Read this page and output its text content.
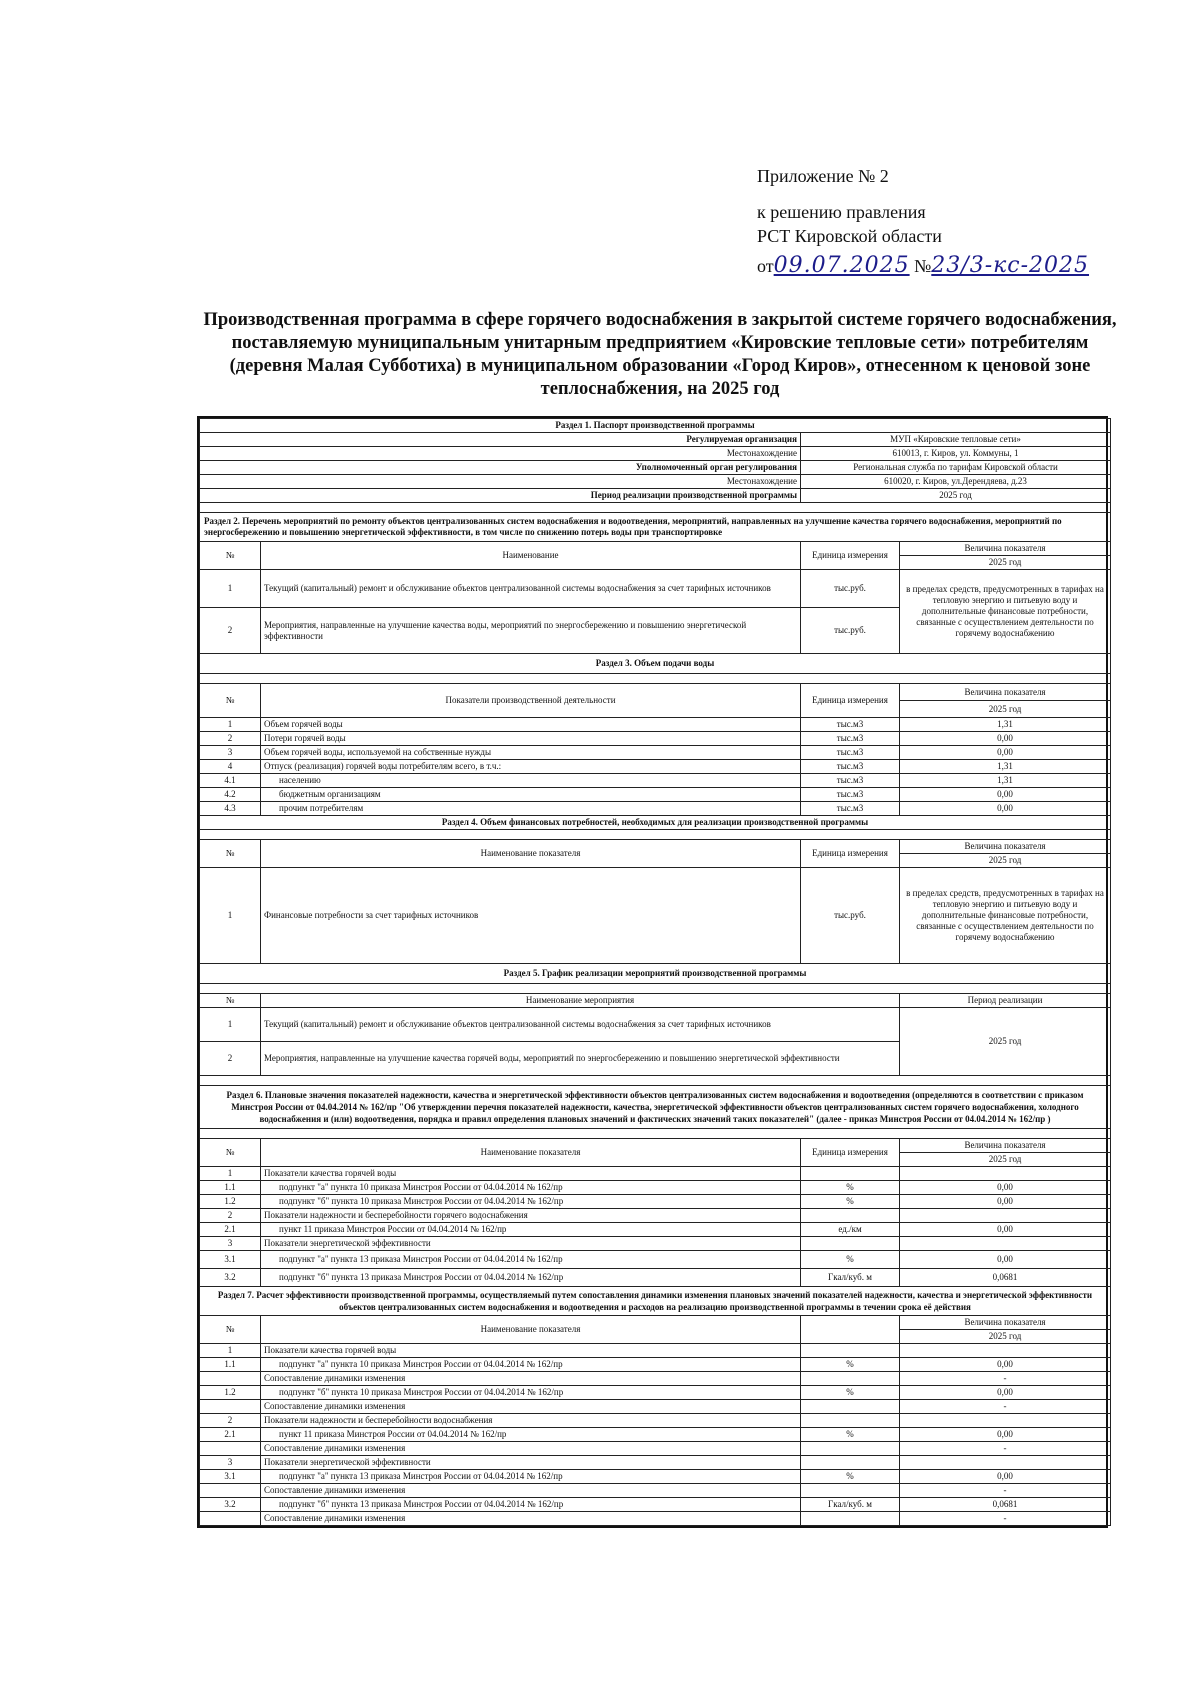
Приложение № 2
к решению правления
РСТ Кировской области
от09.07.2025 №23/3-кс-2025
Производственная программа в сфере горячего водоснабжения в закрытой системе горячего водоснабжения,
поставляемую муниципальным унитарным предприятием «Кировские тепловые сети» потребителям
(деревня Малая Субботиха) в муниципальном образовании «Город Киров», отнесенном к ценовой зоне
теплоснабжения, на 2025 год
Раздел 1. Паспорт производственной программы			
Регулируемая организация		МУП «Кировские тепловые сети»	
Местонахождение		610013, г. Киров, ул. Коммуны, 1	
Уполномоченный орган регулирования		Региональная служба по тарифам Кировской области	
Местонахождение		610020, г. Киров, ул.Дерендяева, д.23	
Период реализации производственной программы		2025 год	

Раздел 2. Перечень мероприятий по ремонту объектов централизованных систем водоснабжения и водоотведения, мероприятий, направленных на улучшение качества горячего водоснабжения, мероприятий по энергосбережению и повышению энергетической эффективности, в том числе по снижению потерь воды при транспортировке			
№	Наименование	Единица измерения	Величина показателя
			2025 год
1	Текущий (капитальный) ремонт и обслуживание объектов централизованной системы водоснабжения за счет тарифных источников	тыс.руб.	в пределах средств, предусмотренных в тарифах на тепловую энергию и питьевую воду и дополнительные финансовые потребности, связанные с осуществлением деятельности по горячему водоснабжению
2	Мероприятия, направленные на улучшение качества воды, мероприятий по энергосбережению и повышению энергетической эффективности	тыс.руб.	
Раздел 3. Объем подачи воды			

№	Показатели производственной деятельности	Единица измерения	Величина показателя
			2025 год
1	Объем горячей воды	тыс.м3	1,31
2	Потери горячей воды	тыс.м3	0,00
3	Объем горячей воды, используемой на собственные нужды	тыс.м3	0,00
4	Отпуск (реализация) горячей воды потребителям всего, в т.ч.:	тыс.м3	1,31
4.1	населению	тыс.м3	1,31
4.2	бюджетным организациям	тыс.м3	0,00
4.3	прочим потребителям	тыс.м3	0,00
Раздел 4. Объем финансовых потребностей, необходимых для реализации производственной программы			

№	Наименование показателя	Единица измерения	Величина показателя
			2025 год
1	Финансовые потребности за счет тарифных источников	тыс.руб.	в пределах средств, предусмотренных в тарифах на тепловую энергию и питьевую воду и дополнительные финансовые потребности, связанные с осуществлением деятельности по горячему водоснабжению
Раздел 5. График реализации мероприятий производственной программы			

№	Наименование мероприятия		Период реализации
1	Текущий (капитальный) ремонт и обслуживание объектов централизованной системы водоснабжения за счет тарифных источников		2025 год
2	Мероприятия, направленные на улучшение качества горячей воды, мероприятий по энергосбережению и повышению энергетической эффективности		

Раздел 6. Плановые значения показателей надежности, качества и энергетической эффективности объектов централизованных систем водоснабжения и водоотведения (определяются в соответствии с приказом Минстроя России от 04.04.2014 № 162/пр "Об утверждении перечня показателей надежности, качества, энергетической эффективности объектов централизованных систем горячего водоснабжения, холодного водоснабжения и (или) водоотведения, порядка и правил определения плановых значений и фактических значений таких показателей" (далее - приказ Минстроя России от 04.04.2014 № 162/пр )			

№	Наименование показателя	Единица измерения	Величина показателя
			2025 год
1	Показатели качества горячей воды		
1.1	подпункт "а" пункта 10 приказа Минстроя России от 04.04.2014 № 162/пр	%	0,00
1.2	подпункт "б" пункта 10 приказа Минстроя России от 04.04.2014 № 162/пр	%	0,00
2	Показатели надежности и бесперебойности горячего водоснабжения		
2.1	пункт 11 приказа Минстроя России от 04.04.2014 № 162/пр	ед./км	0,00
3	Показатели энергетической эффективности		
3.1	подпункт "а" пункта 13 приказа Минстроя России от 04.04.2014 № 162/пр	%	0,00
3.2	подпункт "б" пункта 13 приказа Минстроя России от 04.04.2014 № 162/пр	Гкал/куб. м	0,0681
Раздел 7. Расчет эффективности производственной программы, осуществляемый путем сопоставления динамики изменения плановых значений показателей надежности, качества и энергетической эффективности объектов централизованных систем водоснабжения и водоотведения и расходов на реализацию производственной программы в течении срока её действия			
№	Наименование показателя		Величина показателя
			2025 год
1	Показатели качества горячей воды		
1.1	подпункт "а" пункта 10 приказа Минстроя России от 04.04.2014 № 162/пр	%	0,00
	Сопоставление динамики изменения		-
1.2	подпункт "б" пункта 10 приказа Минстроя России от 04.04.2014 № 162/пр	%	0,00
	Сопоставление динамики изменения		-
2	Показатели надежности и бесперебойности водоснабжения		
2.1	пункт 11 приказа Минстроя России от 04.04.2014 № 162/пр	%	0,00
	Сопоставление динамики изменения		-
3	Показатели энергетической эффективности		
3.1	подпункт "а" пункта 13 приказа Минстроя России от 04.04.2014 № 162/пр	%	0,00
	Сопоставление динамики изменения		-
3.2	подпункт "б" пункта 13 приказа Минстроя России от 04.04.2014 № 162/пр	Гкал/куб. м	0,0681
	Сопоставление динамики изменения		-
